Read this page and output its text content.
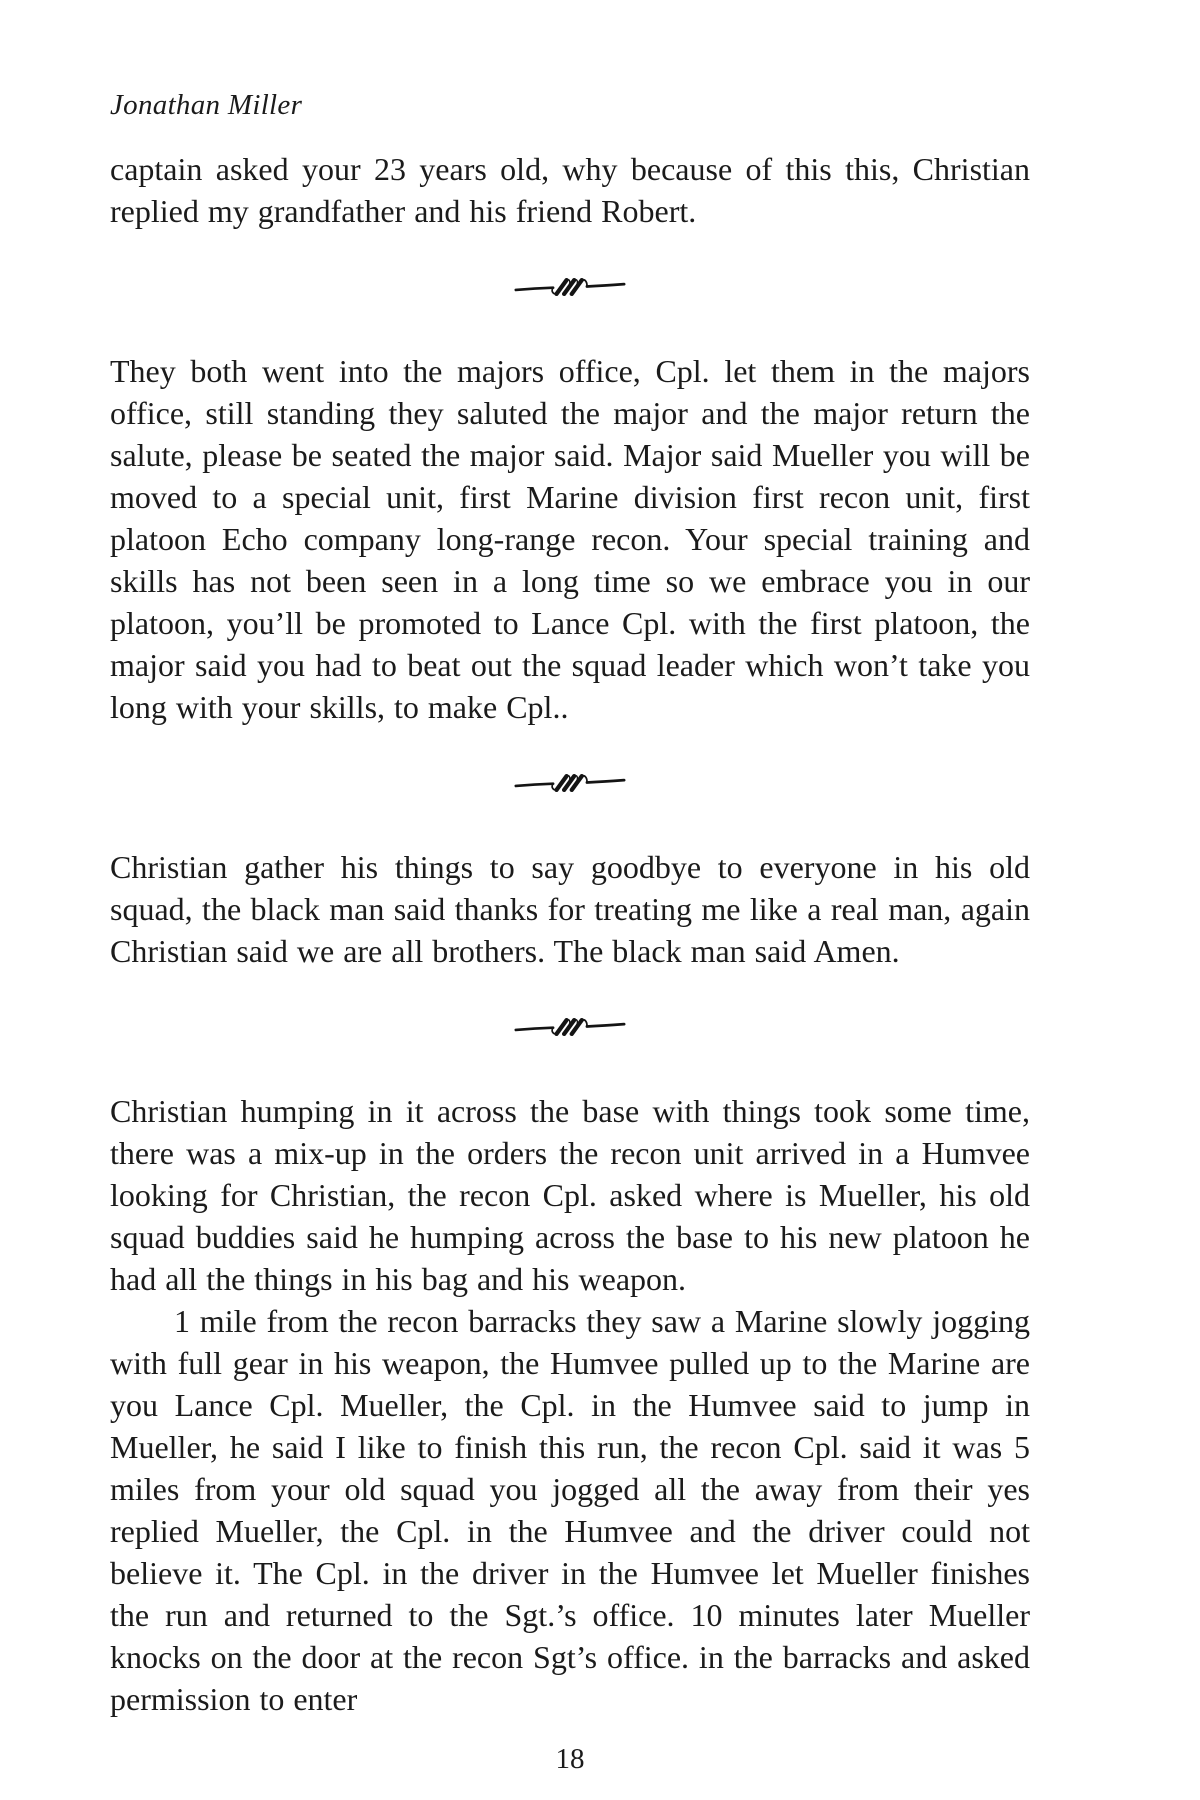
Jonathan Miller

captain asked your 23 years old, why because of this this, Christian replied my grandfather and his friend Robert.

They both went into the majors office, Cpl. let them in the majors office, still standing they saluted the major and the major return the salute, please be seated the major said. Major said Mueller you will be moved to a special unit, first Marine division first recon unit, first platoon Echo company long-range recon. Your special training and skills has not been seen in a long time so we embrace you in our platoon, you’ll be promoted to Lance Cpl. with the first platoon, the major said you had to beat out the squad leader which won’t take you long with your skills, to make Cpl..

Christian gather his things to say goodbye to everyone in his old squad, the black man said thanks for treating me like a real man, again Christian said we are all brothers. The black man said Amen.

Christian humping in it across the base with things took some time, there was a mix-up in the orders the recon unit arrived in a Humvee looking for Christian, the recon Cpl. asked where is Mueller, his old squad buddies said he humping across the base to his new platoon he had all the things in his bag and his weapon.

1 mile from the recon barracks they saw a Marine slowly jogging with full gear in his weapon, the Humvee pulled up to the Marine are you Lance Cpl. Mueller, the Cpl. in the Humvee said to jump in Mueller, he said I like to finish this run, the recon Cpl. said it was 5 miles from your old squad you jogged all the away from their yes replied Mueller, the Cpl. in the Humvee and the driver could not believe it. The Cpl. in the driver in the Humvee let Mueller finishes the run and returned to the Sgt.’s office. 10 minutes later Mueller knocks on the door at the recon Sgt’s office. in the barracks and asked permission to enter

18
